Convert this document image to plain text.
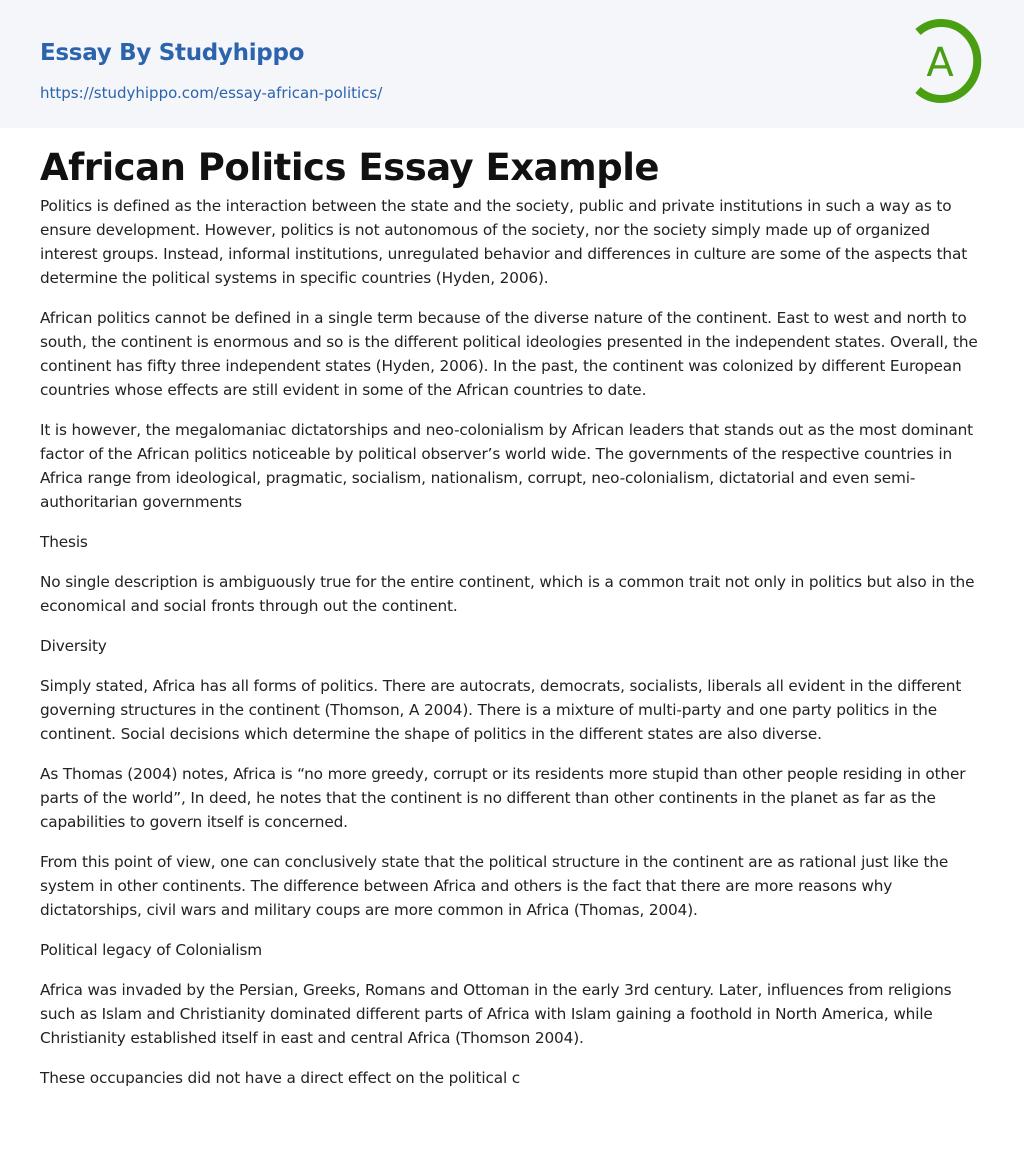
Essay By Studyhippo
https://studyhippo.com/essay-african-politics/
A
African Politics Essay Example

Politics is defined as the interaction between the state and the society, public and private institutions in such a way as to ensure development. However, politics is not autonomous of the society, nor the society simply made up of organized interest groups. Instead, informal institutions, unregulated behavior and differences in culture are some of the aspects that determine the political systems in specific countries (Hyden, 2006).

African politics cannot be defined in a single term because of the diverse nature of the continent. East to west and north to south, the continent is enormous and so is the different political ideologies presented in the independent states. Overall, the continent has fifty three independent states (Hyden, 2006). In the past, the continent was colonized by different European countries whose effects are still evident in some of the African countries to date.

It is however, the megalomaniac dictatorships and neo-colonialism by African leaders that stands out as the most dominant factor of the African politics noticeable by political observer’s world wide. The governments of the respective countries in Africa range from ideological, pragmatic, socialism, nationalism, corrupt, neo-colonialism, dictatorial and even semi-authoritarian governments

Thesis

No single description is ambiguously true for the entire continent, which is a common trait not only in politics but also in the economical and social fronts through out the continent.

Diversity

Simply stated, Africa has all forms of politics. There are autocrats, democrats, socialists, liberals all evident in the different governing structures in the continent (Thomson, A 2004). There is a mixture of multi-party and one party politics in the continent. Social decisions which determine the shape of politics in the different states are also diverse.

As Thomas (2004) notes, Africa is “no more greedy, corrupt or its residents more stupid than other people residing in other parts of the world”, In deed, he notes that the continent is no different than other continents in the planet as far as the capabilities to govern itself is concerned.

From this point of view, one can conclusively state that the political structure in the continent are as rational just like the system in other continents. The difference between Africa and others is the fact that there are more reasons why dictatorships, civil wars and military coups are more common in Africa (Thomas, 2004).

Political legacy of Colonialism

Africa was invaded by the Persian, Greeks, Romans and Ottoman in the early 3rd century. Later, influences from religions such as Islam and Christianity dominated different parts of Africa with Islam gaining a foothold in North America, while Christianity established itself in east and central Africa (Thomson 2004).

These occupancies did not have a direct effect on the political c
